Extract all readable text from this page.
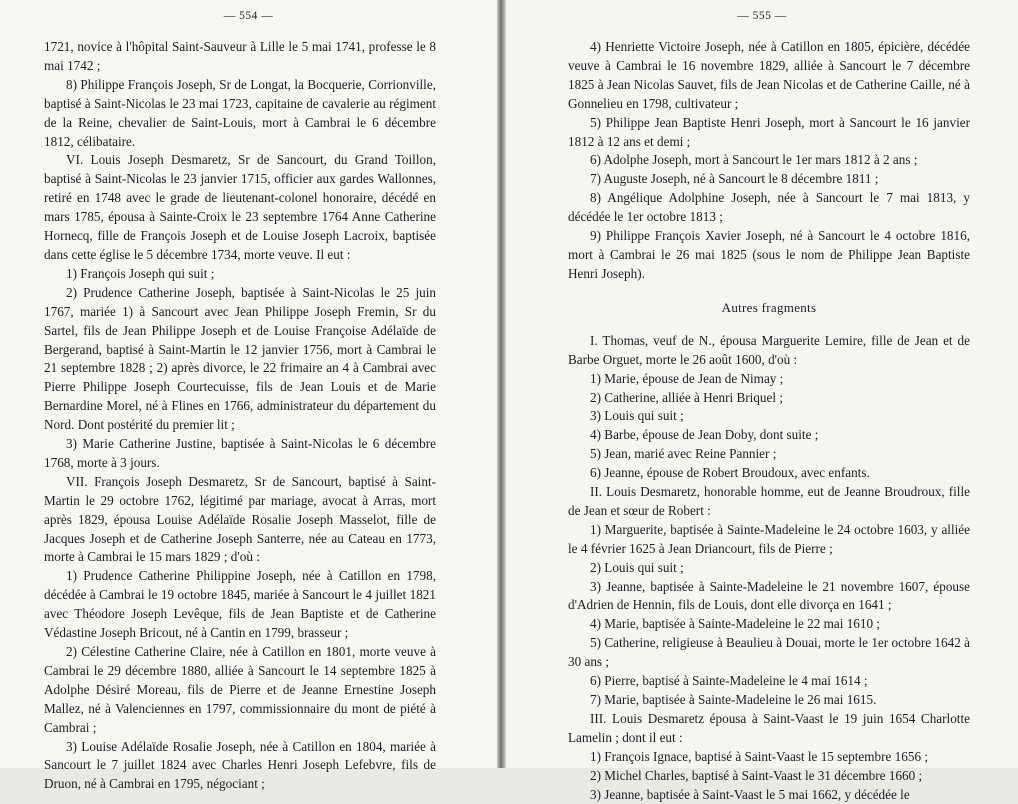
— 554 —

1721, novice à l'hôpital Saint-Sauveur à Lille le 5 mai 1741, professe le 8 mai 1742 ;

8) Philippe François Joseph, Sr de Longat, la Bocquerie, Corrionville, baptisé à Saint-Nicolas le 23 mai 1723, capitaine de cavalerie au régiment de la Reine, chevalier de Saint-Louis, mort à Cambrai le 6 décembre 1812, célibataire.

VI. Louis Joseph Desmaretz, Sr de Sancourt, du Grand Toillon, baptisé à Saint-Nicolas le 23 janvier 1715, officier aux gardes Wallonnes, retiré en 1748 avec le grade de lieutenant-colonel honoraire, décédé en mars 1785, épousa à Sainte-Croix le 23 septembre 1764 Anne Catherine Hornecq, fille de François Joseph et de Louise Joseph Lacroix, baptisée dans cette église le 5 décembre 1734, morte veuve. Il eut :

1) François Joseph qui suit ;

2) Prudence Catherine Joseph, baptisée à Saint-Nicolas le 25 juin 1767, mariée 1) à Sancourt avec Jean Philippe Joseph Fremin, Sr du Sartel, fils de Jean Philippe Joseph et de Louise Françoise Adélaïde de Bergerand, baptisé à Saint-Martin le 12 janvier 1756, mort à Cambrai le 21 septembre 1828 ; 2) après divorce, le 22 frimaire an 4 à Cambrai avec Pierre Philippe Joseph Courtecuisse, fils de Jean Louis et de Marie Bernardine Morel, né à Flines en 1766, administrateur du département du Nord. Dont postérité du premier lit ;

3) Marie Catherine Justine, baptisée à Saint-Nicolas le 6 décembre 1768, morte à 3 jours.

VII. François Joseph Desmaretz, Sr de Sancourt, baptisé à Saint-Martin le 29 octobre 1762, légitimé par mariage, avocat à Arras, mort après 1829, épousa Louise Adélaïde Rosalie Joseph Masselot, fille de Jacques Joseph et de Catherine Joseph Santerre, née au Cateau en 1773, morte à Cambrai le 15 mars 1829 ; d'où :

1) Prudence Catherine Philippine Joseph, née à Catillon en 1798, décédée à Cambrai le 19 octobre 1845, mariée à Sancourt le 4 juillet 1821 avec Théodore Joseph Levêque, fils de Jean Baptiste et de Catherine Védastine Joseph Bricout, né à Cantin en 1799, brasseur ;

2) Célestine Catherine Claire, née à Catillon en 1801, morte veuve à Cambrai le 29 décembre 1880, alliée à Sancourt le 14 septembre 1825 à Adolphe Désiré Moreau, fils de Pierre et de Jeanne Ernestine Joseph Mallez, né à Valenciennes en 1797, commissionnaire du mont de piété à Cambrai ;

3) Louise Adélaïde Rosalie Joseph, née à Catillon en 1804, mariée à Sancourt le 7 juillet 1824 avec Charles Henri Joseph Lefebvre, fils de Druon, né à Cambrai en 1795, négociant ;

— 555 —

4) Henriette Victoire Joseph, née à Catillon en 1805, épicière, décédée veuve à Cambrai le 16 novembre 1829, alliée à Sancourt le 7 décembre 1825 à Jean Nicolas Sauvet, fils de Jean Nicolas et de Catherine Caille, né à Gonnelieu en 1798, cultivateur ;

5) Philippe Jean Baptiste Henri Joseph, mort à Sancourt le 16 janvier 1812 à 12 ans et demi ;

6) Adolphe Joseph, mort à Sancourt le 1er mars 1812 à 2 ans ;

7) Auguste Joseph, né à Sancourt le 8 décembre 1811 ;

8) Angélique Adolphine Joseph, née à Sancourt le 7 mai 1813, y décédée le 1er octobre 1813 ;

9) Philippe François Xavier Joseph, né à Sancourt le 4 octobre 1816, mort à Cambrai le 26 mai 1825 (sous le nom de Philippe Jean Baptiste Henri Joseph).

Autres fragments

I. Thomas, veuf de N., épousa Marguerite Lemire, fille de Jean et de Barbe Orguet, morte le 26 août 1600, d'où :

1) Marie, épouse de Jean de Nimay ;

2) Catherine, alliée à Henri Briquel ;

3) Louis qui suit ;

4) Barbe, épouse de Jean Doby, dont suite ;

5) Jean, marié avec Reine Pannier ;

6) Jeanne, épouse de Robert Broudoux, avec enfants.

II. Louis Desmaretz, honorable homme, eut de Jeanne Broudroux, fille de Jean et sœur de Robert :

1) Marguerite, baptisée à Sainte-Madeleine le 24 octobre 1603, y alliée le 4 février 1625 à Jean Driancourt, fils de Pierre ;

2) Louis qui suit ;

3) Jeanne, baptisée à Sainte-Madeleine le 21 novembre 1607, épouse d'Adrien de Hennin, fils de Louis, dont elle divorça en 1641 ;

4) Marie, baptisée à Sainte-Madeleine le 22 mai 1610 ;

5) Catherine, religieuse à Beaulieu à Douai, morte le 1er octobre 1642 à 30 ans ;

6) Pierre, baptisé à Sainte-Madeleine le 4 mai 1614 ;

7) Marie, baptisée à Sainte-Madeleine le 26 mai 1615.

III. Louis Desmaretz épousa à Saint-Vaast le 19 juin 1654 Charlotte Lamelin ; dont il eut :

1) François Ignace, baptisé à Saint-Vaast le 15 septembre 1656 ;

2) Michel Charles, baptisé à Saint-Vaast le 31 décembre 1660 ;

3) Jeanne, baptisée à Saint-Vaast le 5 mai 1662, y décédée le
